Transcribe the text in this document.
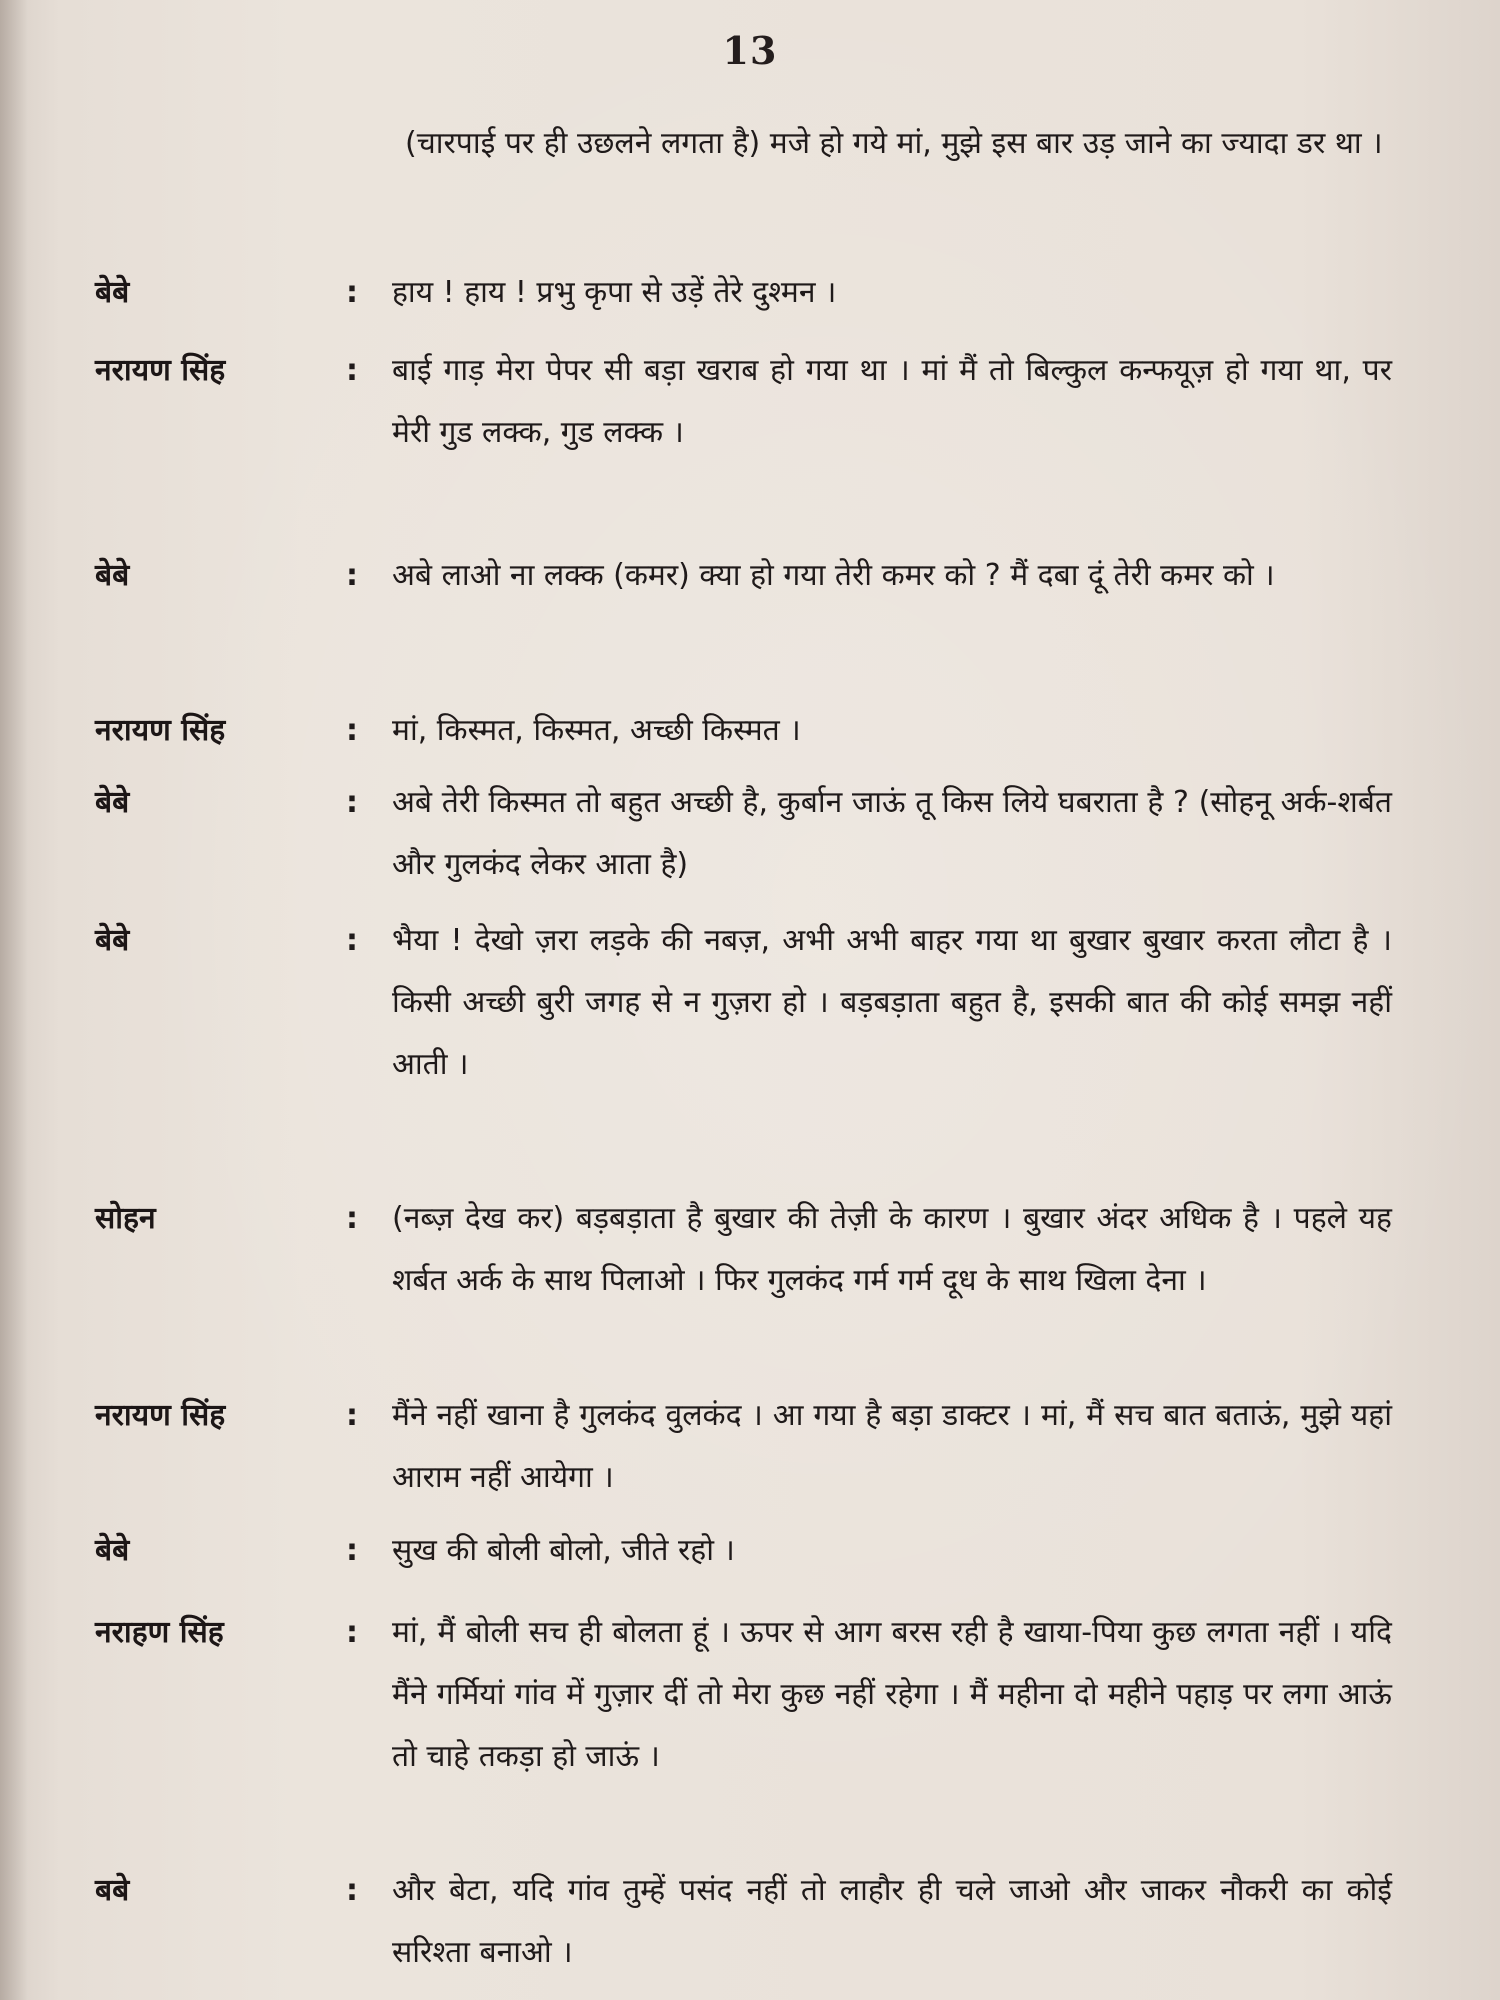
13
(चारपाई पर ही उछलने लगता है) मजे हो गये मां, मुझे इस बार उड़ जाने का ज्यादा डर था ।
बेबे	: हाय ! हाय ! प्रभु कृपा से उड़ें तेरे दुश्मन ।
नरायण सिंह	: बाई गाड़ मेरा पेपर सी बड़ा खराब हो गया था । मां मैं तो बिल्कुल कन्फयूज़ हो गया था, पर मेरी गुड लक्क, गुड लक्क ।
बेबे	: अबे लाओ ना लक्क (कमर) क्या हो गया तेरी कमर को ? मैं दबा दूं तेरी कमर को ।
नरायण सिंह	: मां, किस्मत, किस्मत, अच्छी किस्मत ।
बेबे	: अबे तेरी किस्मत तो बहुत अच्छी है, कुर्बान जाऊं तू किस लिये घबराता है ? (सोहनू अर्क-शर्बत और गुलकंद लेकर आता है)
बेबे	: भैया ! देखो ज़रा लड़के की नबज़, अभी अभी बाहर गया था बुखार बुखार करता लौटा है । किसी अच्छी बुरी जगह से न गुज़रा हो । बड़बड़ाता बहुत है, इसकी बात की कोई समझ नहीं आती ।
सोहन	: (नब्ज़ देख कर) बड़बड़ाता है बुखार की तेज़ी के कारण । बुखार अंदर अधिक है । पहले यह शर्बत अर्क के साथ पिलाओ । फिर गुलकंद गर्म गर्म दूध के साथ खिला देना ।
नरायण सिंह	: मैंने नहीं खाना है गुलकंद वुलकंद । आ गया है बड़ा डाक्टर । मां, मैं सच बात बताऊं, मुझे यहां आराम नहीं आयेगा ।
बेबे	: सुख की बोली बोलो, जीते रहो ।
नराहण सिंह	: मां, मैं बोली सच ही बोलता हूं । ऊपर से आग बरस रही है खाया-पिया कुछ लगता नहीं । यदि मैंने गर्मियां गांव में गुज़ार दीं तो मेरा कुछ नहीं रहेगा । मैं महीना दो महीने पहाड़ पर लगा आऊं तो चाहे तकड़ा हो जाऊं ।
बबे	: और बेटा, यदि गांव तुम्हें पसंद नहीं तो लाहौर ही चले जाओ और जाकर नौकरी का कोई सरिश्ता बनाओ ।
